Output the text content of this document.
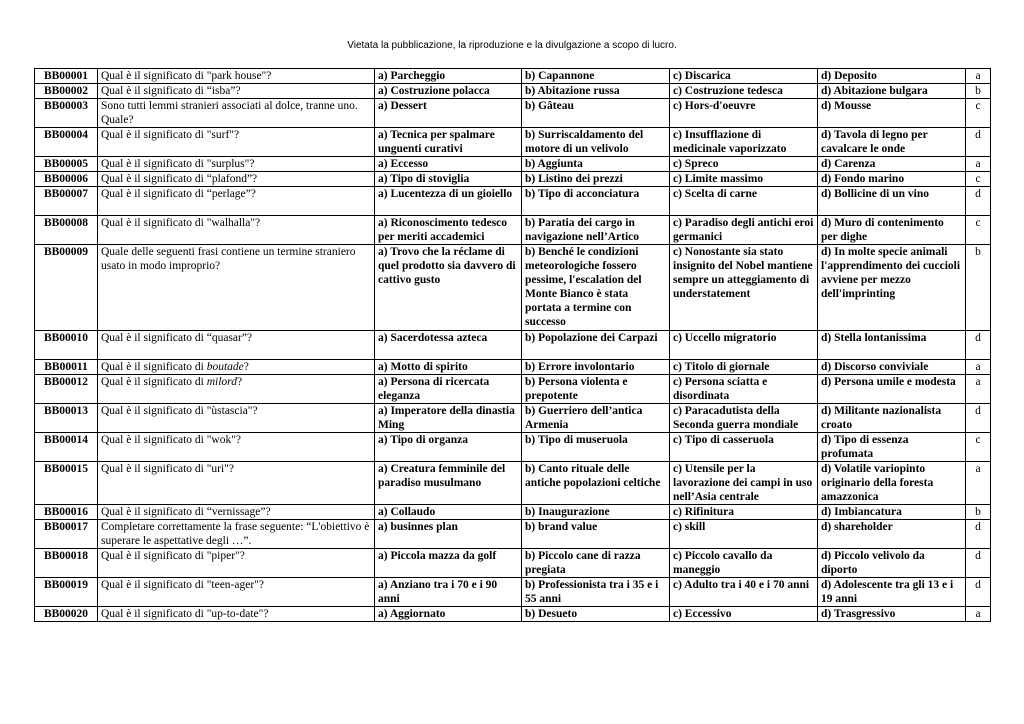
Vietata la pubblicazione, la riproduzione e la divulgazione a scopo di lucro.
BB00001	Qual è il significato di "park house"?	a) Parcheggio	b) Capannone	c) Discarica	d) Deposito	a
BB00002	Qual è il significato di “isba”?	a) Costruzione polacca	b) Abitazione russa	c) Costruzione tedesca	d) Abitazione bulgara	b
BB00003	Sono tutti lemmi stranieri associati al dolce, tranne uno. Quale?	a) Dessert	b) Gâteau	c) Hors-d'oeuvre	d) Mousse	c
BB00004	Qual è il significato di "surf"?	a) Tecnica per spalmare unguenti curativi	b) Surriscaldamento del motore di un velivolo	c) Insufflazione di medicinale vaporizzato	d) Tavola di legno per cavalcare le onde	d
BB00005	Qual è il significato di "surplus"?	a) Eccesso	b) Aggiunta	c) Spreco	d) Carenza	a
BB00006	Qual è il significato di “plafond”?	a) Tipo di stoviglia	b) Listino dei prezzi	c) Limite massimo	d) Fondo marino	c
BB00007	Qual è il significato di “perlage”?	a) Lucentezza di un gioiello	b) Tipo di acconciatura	c) Scelta di carne	d) Bollicine di un vino	d
BB00008	Qual è il significato di "walhalla"?	a) Riconoscimento tedesco per meriti accademici	b) Paratia dei cargo in navigazione nell’Artico	c) Paradiso degli antichi eroi germanici	d) Muro di contenimento per dighe	c
BB00009	Quale delle seguenti frasi contiene un termine straniero usato in modo improprio?	a) Trovo che la réclame di quel prodotto sia davvero di cattivo gusto	b) Benché le condizioni meteorologiche fossero pessime, l'escalation del Monte Bianco è stata portata a termine con successo	c) Nonostante sia stato insignito del Nobel mantiene sempre un atteggiamento di understatement	d) In molte specie animali l'apprendimento dei cuccioli avviene per mezzo dell'imprinting	b
BB00010	Qual è il significato di “quasar”?	a) Sacerdotessa azteca	b) Popolazione dei Carpazi	c) Uccello migratorio	d) Stella lontanissima	d
BB00011	Qual è il significato di boutade?	a) Motto di spirito	b) Errore involontario	c) Titolo di giornale	d) Discorso conviviale	a
BB00012	Qual è il significato di milord?	a) Persona di ricercata eleganza	b) Persona violenta e prepotente	c) Persona sciatta e disordinata	d) Persona umile e modesta	a
BB00013	Qual è il significato di "ùstascia"?	a) Imperatore della dinastia Ming	b) Guerriero dell’antica Armenia	c) Paracadutista della Seconda guerra mondiale	d) Militante nazionalista croato	d
BB00014	Qual è il significato di "wok"?	a) Tipo di organza	b) Tipo di museruola	c) Tipo di casseruola	d) Tipo di essenza profumata	c
BB00015	Qual è il significato di "uri"?	a) Creatura femminile del paradiso musulmano	b) Canto rituale delle antiche popolazioni celtiche	c) Utensile per la lavorazione dei campi in uso nell’Asia centrale	d) Volatile variopinto originario della foresta amazzonica	a
BB00016	Qual è il significato di “vernissage”?	a) Collaudo	b) Inaugurazione	c) Rifinitura	d) Imbiancatura	b
BB00017	Completare correttamente la frase seguente: “L'obiettivo è superare le aspettative degli …”.	a) businnes plan	b) brand value	c) skill	d) shareholder	d
BB00018	Qual è il significato di "piper"?	a) Piccola mazza da golf	b) Piccolo cane di razza pregiata	c) Piccolo cavallo da maneggio	d) Piccolo velivolo da diporto	d
BB00019	Qual è il significato di "teen-ager"?	a) Anziano tra i 70 e i 90 anni	b) Professionista tra i 35 e i 55 anni	c) Adulto tra i 40 e i 70 anni	d) Adolescente tra gli 13 e i 19 anni	d
BB00020	Qual è il significato di "up-to-date"?	a) Aggiornato	b) Desueto	c) Eccessivo	d) Trasgressivo	a
